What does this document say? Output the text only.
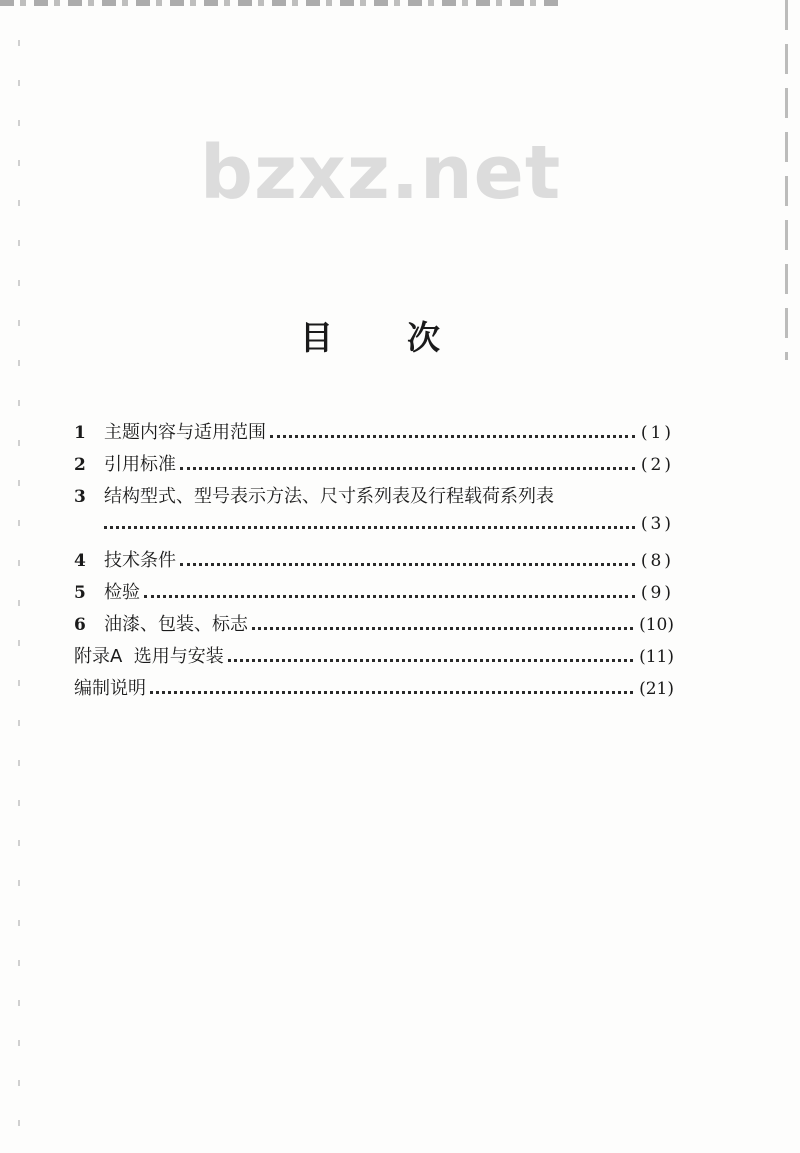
bzxz.net
目 次
1	主题内容与适用范围	(1)
2	引用标准	(2)
3	结构型式、型号表示方法、尺寸系列表及行程载荷系列表
(3)
4	技术条件	(8)
5	检验	(9)
6	油漆、包装、标志	(10)
附录A  选用与安装	(11)
编制说明	(21)
